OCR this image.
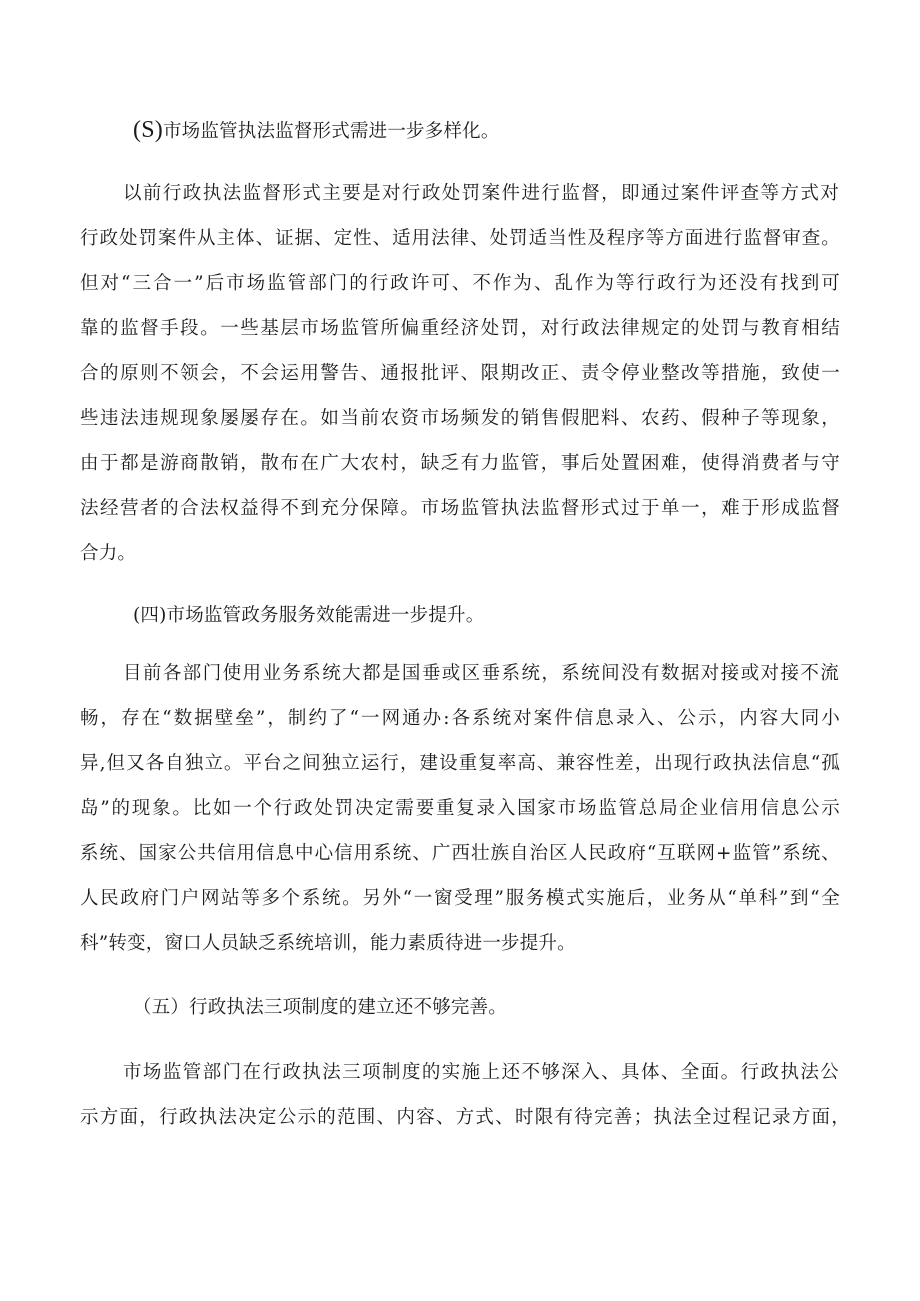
(S)市场监管执法监督形式需进一步多样化。
以前行政执法监督形式主要是对行政处罚案件进行监督，即通过案件评查等方式对
行政处罚案件从主体、证据、定性、适用法律、处罚适当性及程序等方面进行监督审查。
但对“三合一”后市场监管部门的行政许可、不作为、乱作为等行政行为还没有找到可
靠的监督手段。一些基层市场监管所偏重经济处罚，对行政法律规定的处罚与教育相结
合的原则不领会，不会运用警告、通报批评、限期改正、责令停业整改等措施，致使一
些违法违规现象屡屡存在。如当前农资市场频发的销售假肥料、农药、假种子等现象，
由于都是游商散销，散布在广大农村，缺乏有力监管，事后处置困难，使得消费者与守
法经营者的合法权益得不到充分保障。市场监管执法监督形式过于单一，难于形成监督
合力。
(四)市场监管政务服务效能需进一步提升。
目前各部门使用业务系统大都是国垂或区垂系统，系统间没有数据对接或对接不流
畅，存在“数据壁垒”，制约了“一网通办:各系统对案件信息录入、公示，内容大同小
异,但又各自独立。平台之间独立运行，建设重复率高、兼容性差，出现行政执法信息“孤
岛”的现象。比如一个行政处罚决定需要重复录入国家市场监管总局企业信用信息公示
系统、国家公共信用信息中心信用系统、广西壮族自治区人民政府“互联网+监管”系统、
人民政府门户网站等多个系统。另外“一窗受理”服务模式实施后，业务从“单科”到“全
科”转变，窗口人员缺乏系统培训，能力素质待进一步提升。
（五）行政执法三项制度的建立还不够完善。
市场监管部门在行政执法三项制度的实施上还不够深入、具体、全面。行政执法公
示方面，行政执法决定公示的范围、内容、方式、时限有待完善；执法全过程记录方面，
